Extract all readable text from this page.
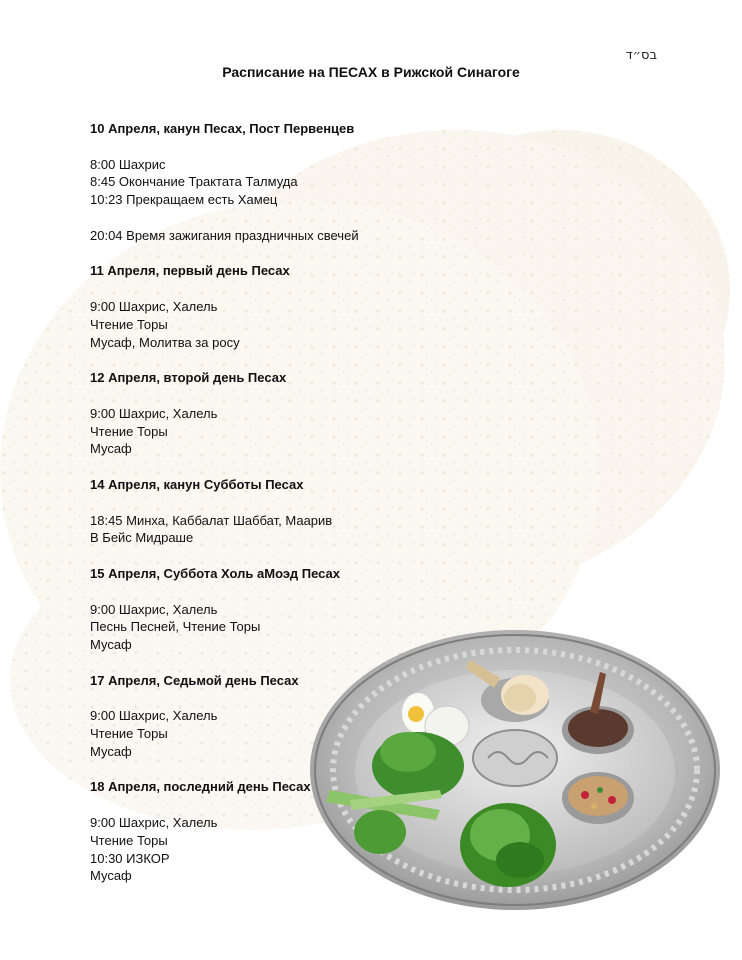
בס״ד
Расписание на ПЕСАХ в Рижской Синагоге
10 Апреля, канун Песах, Пост Первенцев
8:00 Шахрис
8:45 Окончание Трактата Талмуда
10:23 Прекращаем есть Хамец
20:04 Время зажигания праздничных свечей
11 Апреля, первый день Песах
9:00 Шахрис, Халель
Чтение Торы
Мусаф, Молитва за росу
12 Апреля, второй день Песах
9:00 Шахрис, Халель
Чтение Торы
Мусаф
14 Апреля, канун Субботы Песах
18:45 Минха, Каббалат Шаббат, Маарив
В Бейс Мидраше
15 Апреля, Суббота Холь аМоэд Песах
9:00 Шахрис, Халель
Песнь Песней, Чтение Торы
Мусаф
17 Апреля, Седьмой день Песах
9:00 Шахрис, Халель
Чтение Торы
Мусаф
18 Апреля, последний день Песах
9:00 Шахрис, Халель
Чтение Торы
10:30 ИЗКОР
Мусаф
